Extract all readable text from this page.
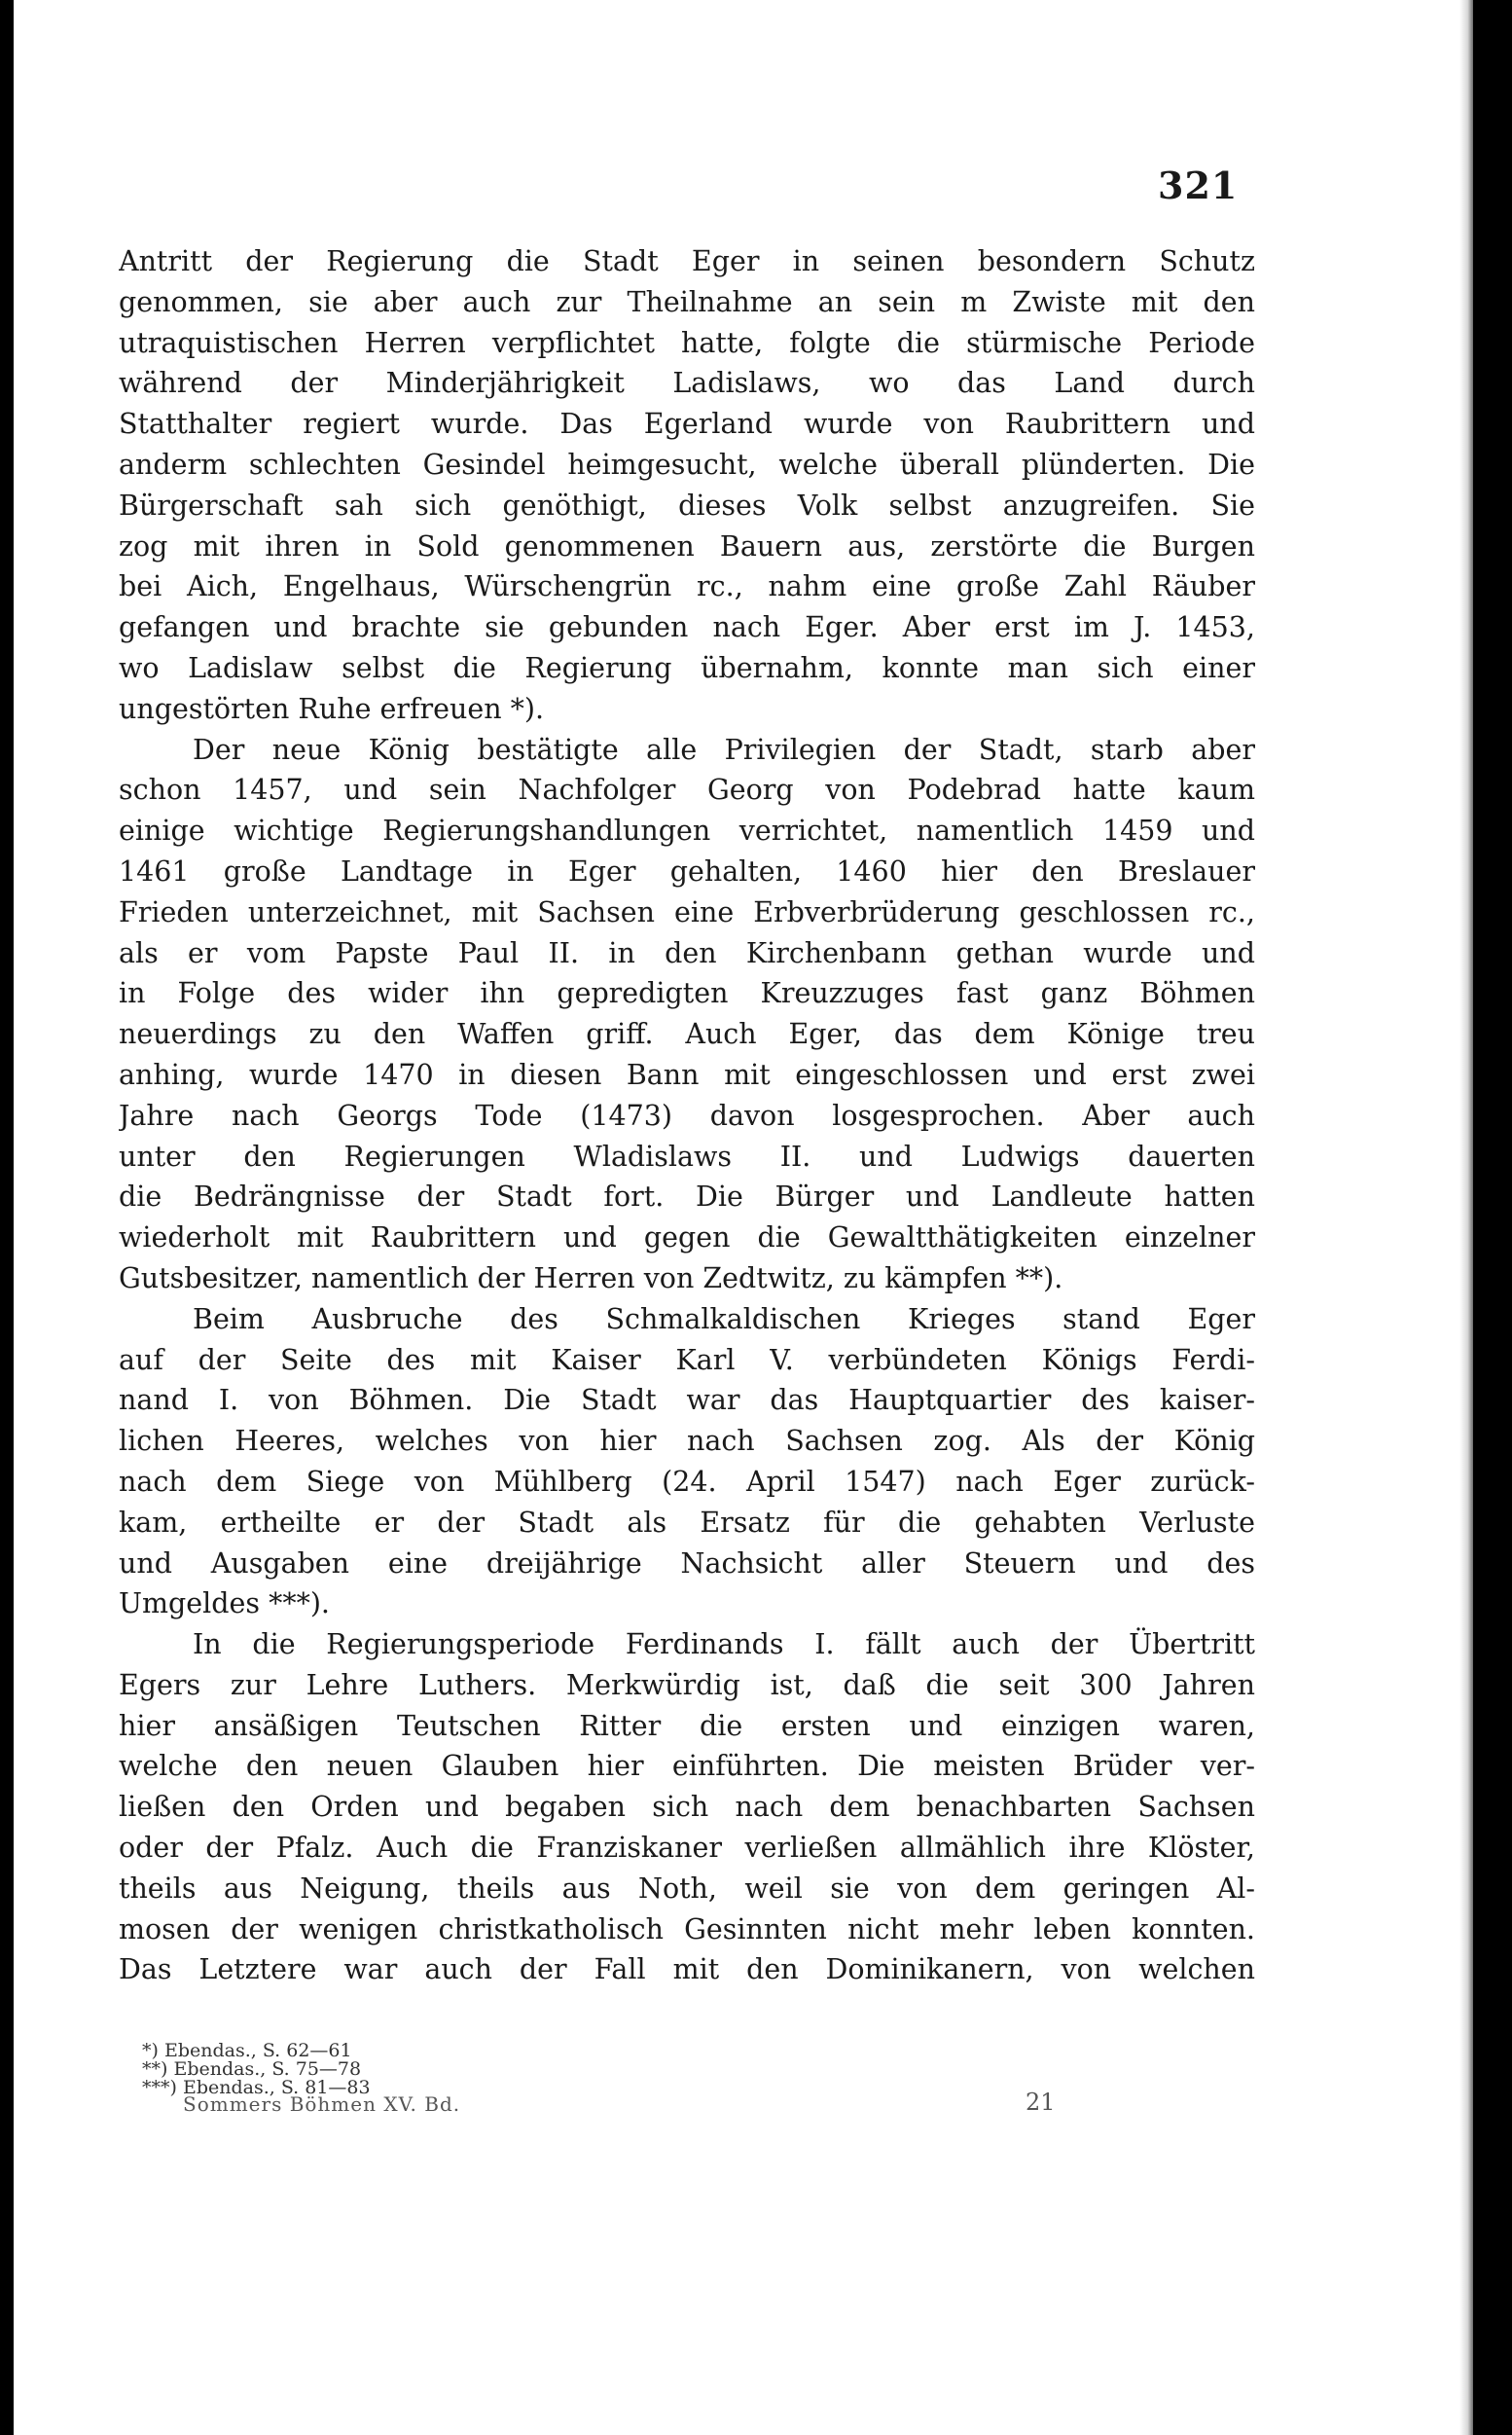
321
Antritt der Regierung die Stadt Eger in seinen besondern Schutz
genommen, sie aber auch zur Theilnahme an sein m Zwiste mit den
utraquistischen Herren verpflichtet hatte, folgte die stürmische Periode
während der Minderjährigkeit Ladislaws, wo das Land durch
Statthalter regiert wurde. Das Egerland wurde von Raubrittern und
anderm schlechten Gesindel heimgesucht, welche überall plünderten. Die
Bürgerschaft sah sich genöthigt, dieses Volk selbst anzugreifen. Sie
zog mit ihren in Sold genommenen Bauern aus, zerstörte die Burgen
bei Aich, Engelhaus, Würschengrün rc., nahm eine große Zahl Räuber
gefangen und brachte sie gebunden nach Eger. Aber erst im J. 1453,
wo Ladislaw selbst die Regierung übernahm, konnte man sich einer
ungestörten Ruhe erfreuen *).
Der neue König bestätigte alle Privilegien der Stadt, starb aber
schon 1457, und sein Nachfolger Georg von Podebrad hatte kaum
einige wichtige Regierungshandlungen verrichtet, namentlich 1459 und
1461 große Landtage in Eger gehalten, 1460 hier den Breslauer
Frieden unterzeichnet, mit Sachsen eine Erbverbrüderung geschlossen rc.,
als er vom Papste Paul II. in den Kirchenbann gethan wurde und
in Folge des wider ihn gepredigten Kreuzzuges fast ganz Böhmen
neuerdings zu den Waffen griff. Auch Eger, das dem Könige treu
anhing, wurde 1470 in diesen Bann mit eingeschlossen und erst zwei
Jahre nach Georgs Tode (1473) davon losgesprochen. Aber auch
unter den Regierungen Wladislaws II. und Ludwigs dauerten
die Bedrängnisse der Stadt fort. Die Bürger und Landleute hatten
wiederholt mit Raubrittern und gegen die Gewaltthätigkeiten einzelner
Gutsbesitzer, namentlich der Herren von Zedtwitz, zu kämpfen **).
Beim Ausbruche des Schmalkaldischen Krieges stand Eger
auf der Seite des mit Kaiser Karl V. verbündeten Königs Ferdi-
nand I. von Böhmen. Die Stadt war das Hauptquartier des kaiser-
lichen Heeres, welches von hier nach Sachsen zog. Als der König
nach dem Siege von Mühlberg (24. April 1547) nach Eger zurück-
kam, ertheilte er der Stadt als Ersatz für die gehabten Verluste
und Ausgaben eine dreijährige Nachsicht aller Steuern und des
Umgeldes ***).
In die Regierungsperiode Ferdinands I. fällt auch der Übertritt
Egers zur Lehre Luthers. Merkwürdig ist, daß die seit 300 Jahren
hier ansäßigen Teutschen Ritter die ersten und einzigen waren,
welche den neuen Glauben hier einführten. Die meisten Brüder ver-
ließen den Orden und begaben sich nach dem benachbarten Sachsen
oder der Pfalz. Auch die Franziskaner verließen allmählich ihre Klöster,
theils aus Neigung, theils aus Noth, weil sie von dem geringen Al-
mosen der wenigen christkatholisch Gesinnten nicht mehr leben konnten.
Das Letztere war auch der Fall mit den Dominikanern, von welchen
*) Ebendas., S. 62—61
**) Ebendas., S. 75—78
***) Ebendas., S. 81—83
Sommers Böhmen XV. Bd.	21
